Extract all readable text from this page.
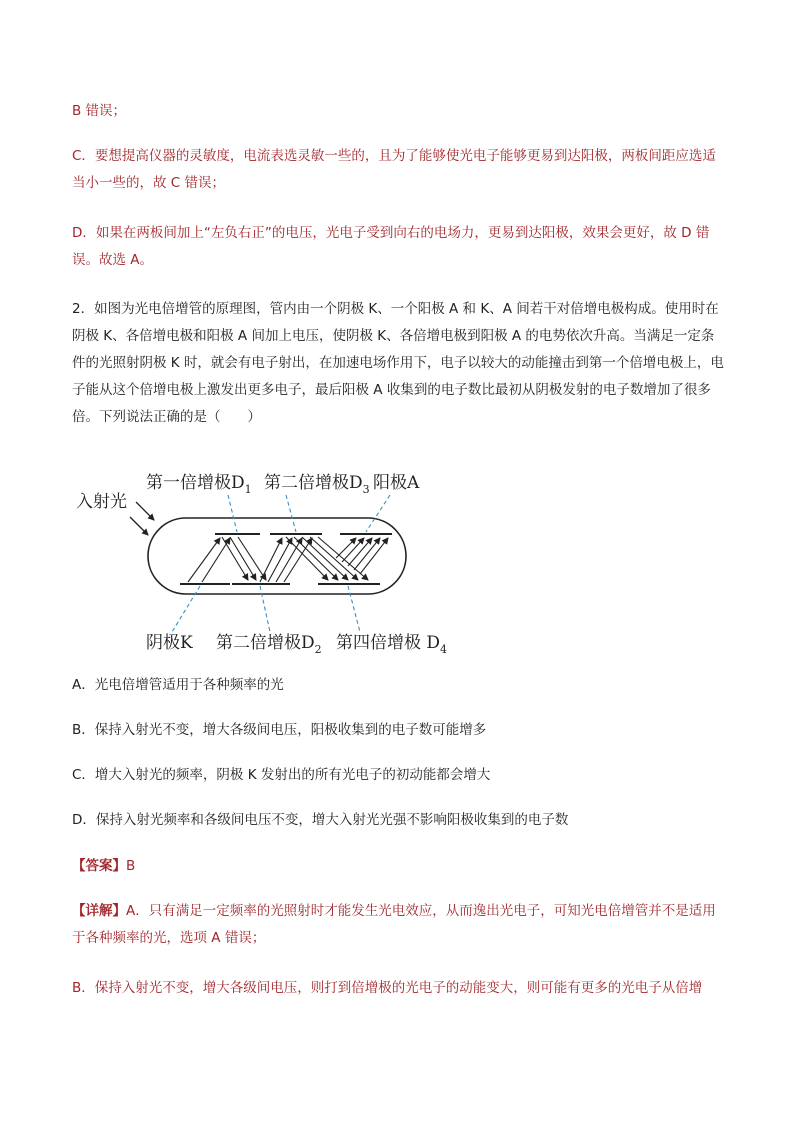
B 错误；

C．要想提高仪器的灵敏度，电流表选灵敏一些的，且为了能够使光电子能够更易到达阳极，两板间距应选适当小一些的，故 C 错误；

D．如果在两板间加上“左负右正”的电压，光电子受到向右的电场力，更易到达阳极，效果会更好，故 D 错误。故选 A。

2．如图为光电倍增管的原理图，管内由一个阴极 K、一个阳极 A 和 K、A 间若干对倍增电极构成。使用时在阴极 K、各倍增电极和阳极 A 间加上电压，使阴极 K、各倍增电极到阳极 A 的电势依次升高。当满足一定条件的光照射阴极 K 时，就会有电子射出，在加速电场作用下，电子以较大的动能撞击到第一个倍增电极上，电子能从这个倍增电极上激发出更多电子，最后阳极 A 收集到的电子数比最初从阴极发射的电子数增加了很多倍。下列说法正确的是（　　）

第一倍增极$D_1$ 第二倍增极$D_3$ 阳极A
入射光
阴极K 第二倍增极$D_2$ 第四倍增极 $D_4$

A．光电倍增管适用于各种频率的光

B．保持入射光不变，增大各级间电压，阳极收集到的电子数可能增多

C．增大入射光的频率，阴极 K 发射出的所有光电子的初动能都会增大

D．保持入射光频率和各级间电压不变，增大入射光光强不影响阳极收集到的电子数

【答案】B

【详解】A．只有满足一定频率的光照射时才能发生光电效应，从而逸出光电子，可知光电倍增管并不是适用于各种频率的光，选项 A 错误；

B．保持入射光不变，增大各级间电压，则打到倍增极的光电子的动能变大，则可能有更多的光电子从倍增
